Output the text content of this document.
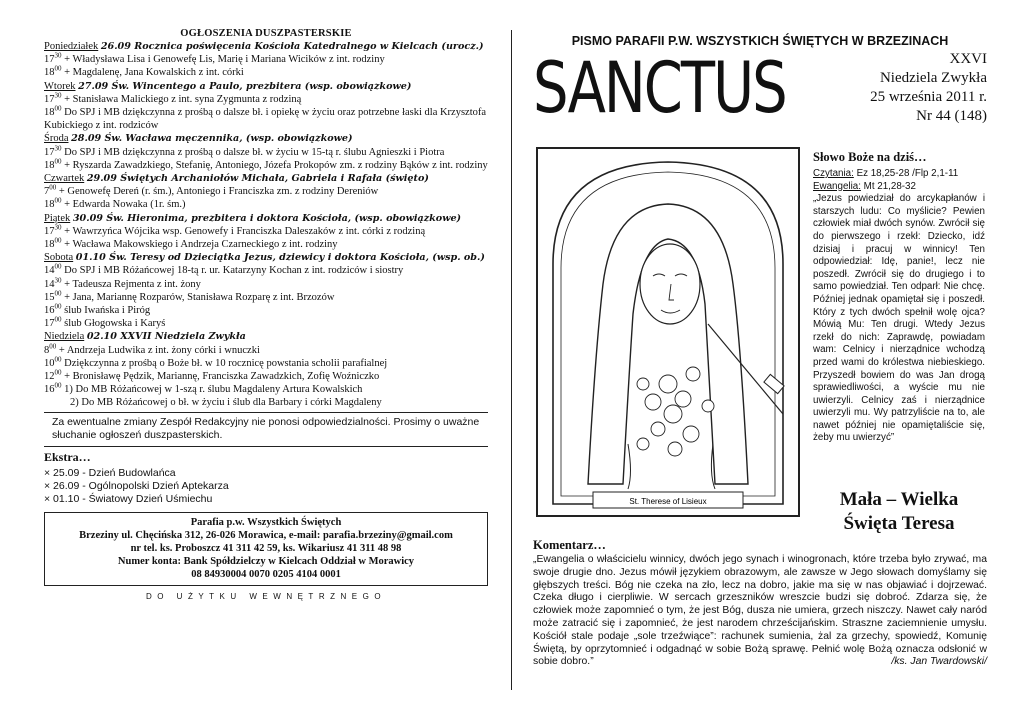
OGŁOSZENIA DUSZPASTERSKIE
Poniedziałek 26.09 Rocznica poświęcenia Kościoła Katedralnego w Kielcach (urocz.)
$17^{30}$ + Władysława Lisa i Genowefę Lis, Marię i Mariana Wicików z int. rodziny
$18^{00}$ + Magdalenę, Jana Kowalskich z int. córki
Wtorek 27.09 Św. Wincentego a Paulo, prezbitera (wsp. obowiązkowe)
$17^{30}$ + Stanisława Malickiego z int. syna Zygmunta z rodziną
$18^{00}$ Do SPJ i MB dziękczynna z prośbą o dalsze bł. i opiekę w życiu oraz potrzebne łaski dla Krzysztofa Kubickiego z int. rodziców
Środa 28.09 Św. Wacława męczennika, (wsp. obowiązkowe)
$17^{30}$ Do SPJ i MB dziękczynna z prośbą o dalsze bł. w życiu w 15-tą r. ślubu Agnieszki i Piotra
$18^{00}$ + Ryszarda Zawadzkiego, Stefanię, Antoniego, Józefa Prokopów zm. z rodziny Bąków z int. rodziny
Czwartek 29.09 Świętych Archaniołów Michała, Gabriela i Rafała (święto)
$7^{00}$ + Genowefę Dereń (r. śm.), Antoniego i Franciszka zm. z rodziny Dereniów
$18^{00}$ + Edwarda Nowaka (1r. śm.)
Piątek 30.09 Św. Hieronima, prezbitera i doktora Kościoła, (wsp. obowiązkowe)
$17^{30}$ + Wawrzyńca Wójcika wsp. Genowefy i Franciszka Daleszaków z int. córki z rodziną
$18^{00}$ + Wacława Makowskiego i Andrzeja Czarneckiego z int. rodziny
Sobota 01.10 Św. Teresy od Dzieciątka Jezus, dziewicy i doktora Kościoła, (wsp. ob.)
$14^{00}$ Do SPJ i MB Różańcowej 18-tą r. ur. Katarzyny Kochan z int. rodziców i siostry
$14^{30}$ + Tadeusza Rejmenta z int. żony
$15^{00}$ + Jana, Mariannę Rozparów, Stanisława Rozparę z int. Brzozów
$16^{00}$ ślub Iwańska i Piróg
$17^{00}$ ślub Głogowska i Karyś
Niedziela 02.10 XXVII Niedziela Zwykła
$8^{00}$ + Andrzeja Ludwika z int. żony córki i wnuczki
$10^{00}$ Dziękczynna z prośbą o Boże bł. w 10 rocznicę powstania scholii parafialnej
$12^{00}$ + Bronisławę Pędzik, Mariannę, Franciszka Zawadzkich, Zofię Woźniczko
$16^{00}$ 1) Do MB Różańcowej w 1-szą r. ślubu Magdaleny Artura Kowalskich
2) Do MB Różańcowej o bł. w życiu i ślub dla Barbary i córki Magdaleny
Za ewentualne zmiany Zespół Redakcyjny nie ponosi odpowiedzialności. Prosimy o uważne słuchanie ogłoszeń duszpasterskich.
Ekstra…
× 25.09 - Dzień Budowlańca
× 26.09 - Ogólnopolski Dzień Aptekarza
× 01.10 - Światowy Dzień Uśmiechu
Parafia p.w. Wszystkich Świętych
Brzeziny ul. Chęcińska 312, 26-026 Morawica, e-mail: parafia.brzeziny@gmail.com
nr tel. ks. Proboszcz 41 311 42 59, ks. Wikariusz 41 311 48 98
Numer konta: Bank Spółdzielczy w Kielcach Oddział w Morawicy
08 84930004 0070 0205 4104 0001
DO UŻYTKU WEWNĘTRZNEGO
PISMO PARAFII P.W. WSZYSTKICH ŚWIĘTYCH W BRZEZINACH
SANCTUS	XXVI
Niedziela Zwykła
25 września 2011 r.
Nr 44 (148)
St. Therese of Lisieux
Słowo Boże na dziś…
Czytania: Ez 18,25-28 /Flp 2,1-11
Ewangelia: Mt 21,28-32
„Jezus powiedział do arcykapłanów i starszych ludu: Co myślicie? Pewien człowiek miał dwóch synów. Zwrócił się do pierwszego i rzekł: Dziecko, idź dzisiaj i pracuj w winnicy! Ten odpowiedział: Idę, panie!, lecz nie poszedł. Zwrócił się do drugiego i to samo powiedział. Ten odparł: Nie chcę. Później jednak opamiętał się i poszedł. Który z tych dwóch spełnił wolę ojca? Mówią Mu: Ten drugi. Wtedy Jezus rzekł do nich: Zaprawdę, powiadam wam: Celnicy i nierządnice wchodzą przed wami do królestwa niebieskiego. Przyszedł bowiem do was Jan drogą sprawiedliwości, a wyście mu nie uwierzyli. Celnicy zaś i nierządnice uwierzyli mu. Wy patrzyliście na to, ale nawet później nie opamiętaliście się, żeby mu uwierzyć”
Mała – Wielka
Święta Teresa
Komentarz…
„Ewangelia o właścicielu winnicy, dwóch jego synach i winogronach, które trzeba było zrywać, ma swoje drugie dno. Jezus mówił językiem obrazowym, ale zawsze w Jego słowach domyślamy się głębszych treści. Bóg nie czeka na zło, lecz na dobro, jakie ma się w nas objawiać i dojrzewać. Czeka długo i cierpliwie. W sercach grzeszników wreszcie budzi się dobroć. Zdarza się, że człowiek może zapomnieć o tym, że jest Bóg, dusza nie umiera, grzech niszczy. Nawet cały naród może zatracić się i zapomnieć, że jest narodem chrześcijańskim. Straszne zaciemnienie umysłu. Kościół stale podaje „sole trzeźwiące”: rachunek sumienia, żal za grzechy, spowiedź, Komunię Świętą, by oprzytomnieć i odgadnąć w sobie Bożą sprawę. Pełnić wolę Bożą oznacza odsłonić w sobie dobro.”	/ks. Jan Twardowski/
